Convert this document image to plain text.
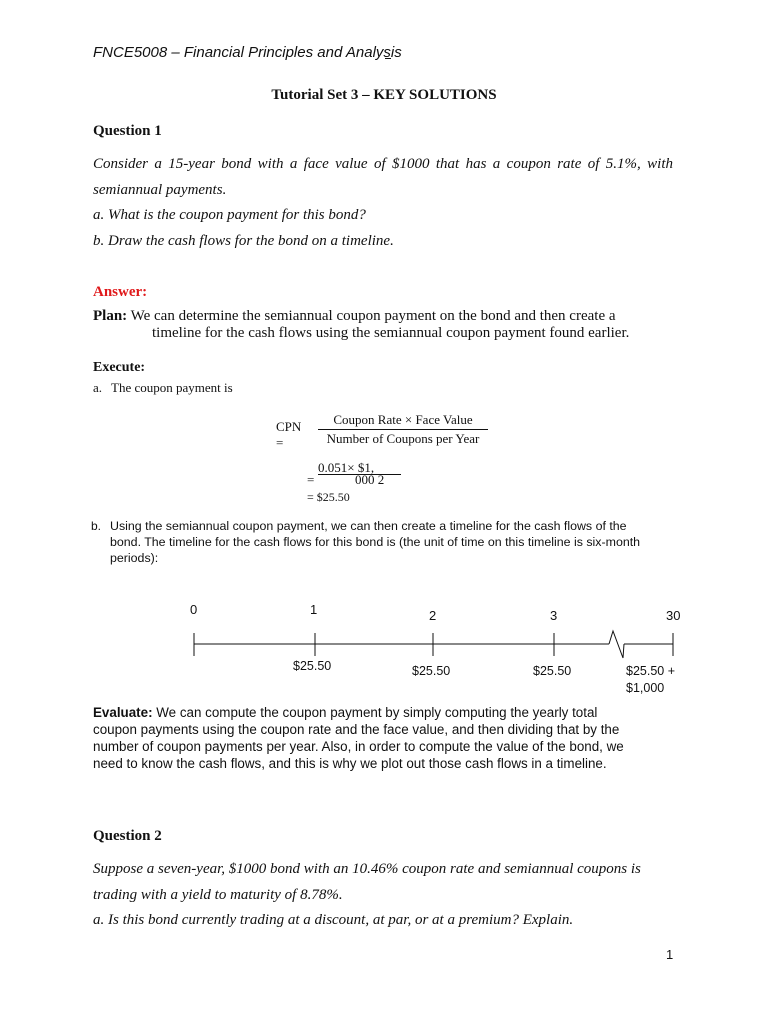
FNCE5008 – Financial Principles and Analysis
Tutorial Set 3 – KEY SOLUTIONS
Question 1
Consider a 15-year bond with a face value of $1000 that has a coupon rate of 5.1%, with
semiannual payments.
a. What is the coupon payment for this bond?
b. Draw the cash flows for the bond on a timeline.
Answer:
Plan: We can determine the semiannual coupon payment on the bond and then create a
timeline for the cash flows using the semiannual coupon payment found earlier.
Execute:
a. The coupon payment is
CPN
=
Coupon Rate × Face Value
Number of Coupons per Year
0.051× $1,
=	000 2
= $25.50
b. Using the semiannual coupon payment, we can then create a timeline for the cash flows of the
bond. The timeline for the cash flows for this bond is (the unit of time on this timeline is six-month
periods):
0	1	2	3	30
$25.50	$25.50	$25.50	$25.50 +
$1,000
Evaluate: We can compute the coupon payment by simply computing the yearly total
coupon payments using the coupon rate and the face value, and then dividing that by the
number of coupon payments per year. Also, in order to compute the value of the bond, we
need to know the cash flows, and this is why we plot out those cash flows in a timeline.
Question 2
Suppose a seven-year, $1000 bond with an 10.46% coupon rate and semiannual coupons is
trading with a yield to maturity of 8.78%.
a. Is this bond currently trading at a discount, at par, or at a premium? Explain.
1
